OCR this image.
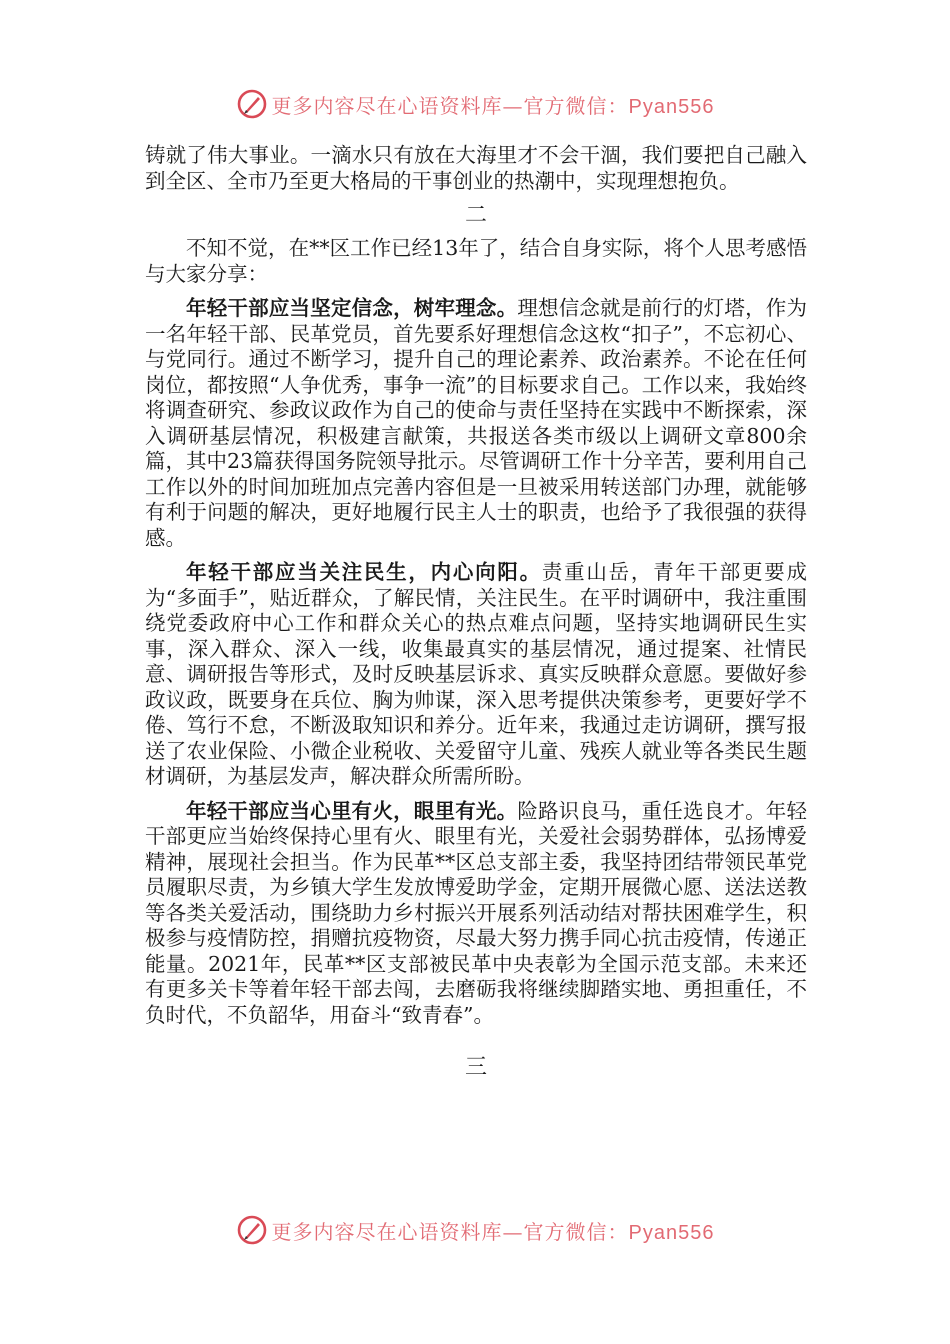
更多内容尽在心语资料库—官方微信：Pyan556

铸就了伟大事业。一滴水只有放在大海里才不会干涸，我们要把自己融入到全区、全市乃至更大格局的干事创业的热潮中，实现理想抱负。

二

不知不觉，在**区工作已经13年了，结合自身实际，将个人思考感悟与大家分享：

年轻干部应当坚定信念，树牢理念。理想信念就是前行的灯塔，作为一名年轻干部、民革党员，首先要系好理想信念这枚“扣子”，不忘初心、与党同行。通过不断学习，提升自己的理论素养、政治素养。不论在任何岗位，都按照“人争优秀，事争一流”的目标要求自己。工作以来，我始终将调查研究、参政议政作为自己的使命与责任坚持在实践中不断探索，深入调研基层情况，积极建言献策，共报送各类市级以上调研文章800余篇，其中23篇获得国务院领导批示。尽管调研工作十分辛苦，要利用自己工作以外的时间加班加点完善内容但是一旦被采用转送部门办理，就能够有利于问题的解决，更好地履行民主人士的职责，也给予了我很强的获得感。

年轻干部应当关注民生，内心向阳。责重山岳，青年干部更要成为“多面手”，贴近群众，了解民情，关注民生。在平时调研中，我注重围绕党委政府中心工作和群众关心的热点难点问题，坚持实地调研民生实事，深入群众、深入一线，收集最真实的基层情况，通过提案、社情民意、调研报告等形式，及时反映基层诉求、真实反映群众意愿。要做好参政议政，既要身在兵位、胸为帅谋，深入思考提供决策参考，更要好学不倦、笃行不怠，不断汲取知识和养分。近年来，我通过走访调研，撰写报送了农业保险、小微企业税收、关爱留守儿童、残疾人就业等各类民生题材调研，为基层发声，解决群众所需所盼。

年轻干部应当心里有火，眼里有光。险路识良马，重任选良才。年轻干部更应当始终保持心里有火、眼里有光，关爱社会弱势群体，弘扬博爱精神，展现社会担当。作为民革**区总支部主委，我坚持团结带领民革党员履职尽责，为乡镇大学生发放博爱助学金，定期开展微心愿、送法送教等各类关爱活动，围绕助力乡村振兴开展系列活动结对帮扶困难学生，积极参与疫情防控，捐赠抗疫物资，尽最大努力携手同心抗击疫情，传递正能量。2021年，民革**区支部被民革中央表彰为全国示范支部。未来还有更多关卡等着年轻干部去闯，去磨砺我将继续脚踏实地、勇担重任，不负时代，不负韶华，用奋斗“致青春”。

三
更多内容尽在心语资料库—官方微信：Pyan556
